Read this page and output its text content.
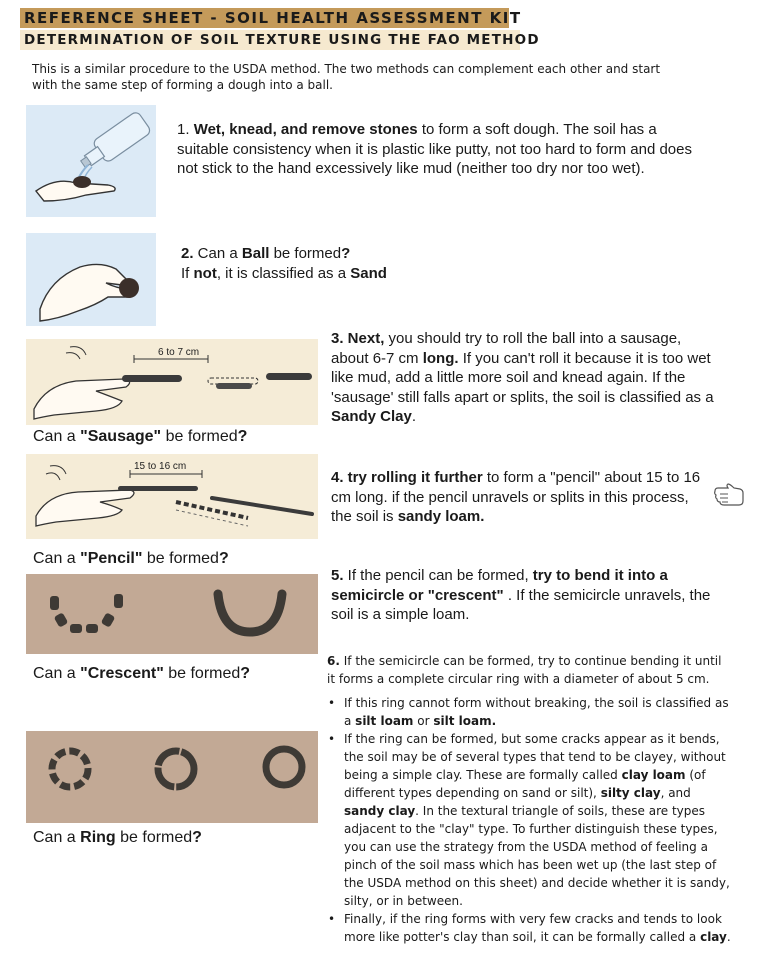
REFERENCE SHEET - SOIL HEALTH ASSESSMENT KIT
DETERMINATION OF SOIL TEXTURE USING THE FAO METHOD
This is a similar procedure to the USDA method. The two methods can complement each other and start with the same step of forming a dough into a ball.
1. Wet, knead, and remove stones to form a soft dough. The soil has a suitable consistency when it is plastic like putty, not too hard to form and does not stick to the hand excessively like mud (neither too dry nor too wet).
2. Can a Ball be formed?
If not, it is classified as a Sand
6 to 7 cm
Can a "Sausage" be formed?
3. Next, you should try to roll the ball into a sausage, about 6-7 cm long. If you can't roll it because it is too wet like mud, add a little more soil and knead again. If the 'sausage' still falls apart or splits, the soil is classified as a Sandy Clay.
15 to 16 cm
Can a "Pencil" be formed?
4. try rolling it further to form a "pencil" about 15 to 16 cm long. if the pencil unravels or splits in this process, the soil is sandy loam.
Can a "Crescent" be formed?
5. If the pencil can be formed, try to bend it into a semicircle or "crescent" . If the semicircle unravels, the soil is a simple loam.
Can a Ring be formed?
6. If the semicircle can be formed, try to continue bending it until it forms a complete circular ring with a diameter of about 5 cm.
• If this ring cannot form without breaking, the soil is classified as a silt loam or silt loam.
• If the ring can be formed, but some cracks appear as it bends, the soil may be of several types that tend to be clayey, without being a simple clay. These are formally called clay loam (of different types depending on sand or silt), silty clay, and sandy clay. In the textural triangle of soils, these are types adjacent to the "clay" type. To further distinguish these types, you can use the strategy from the USDA method of feeling a pinch of the soil mass which has been wet up (the last step of the USDA method on this sheet) and decide whether it is sandy, silty, or in between.
• Finally, if the ring forms with very few cracks and tends to look more like potter's clay than soil, it can be formally called a clay.
